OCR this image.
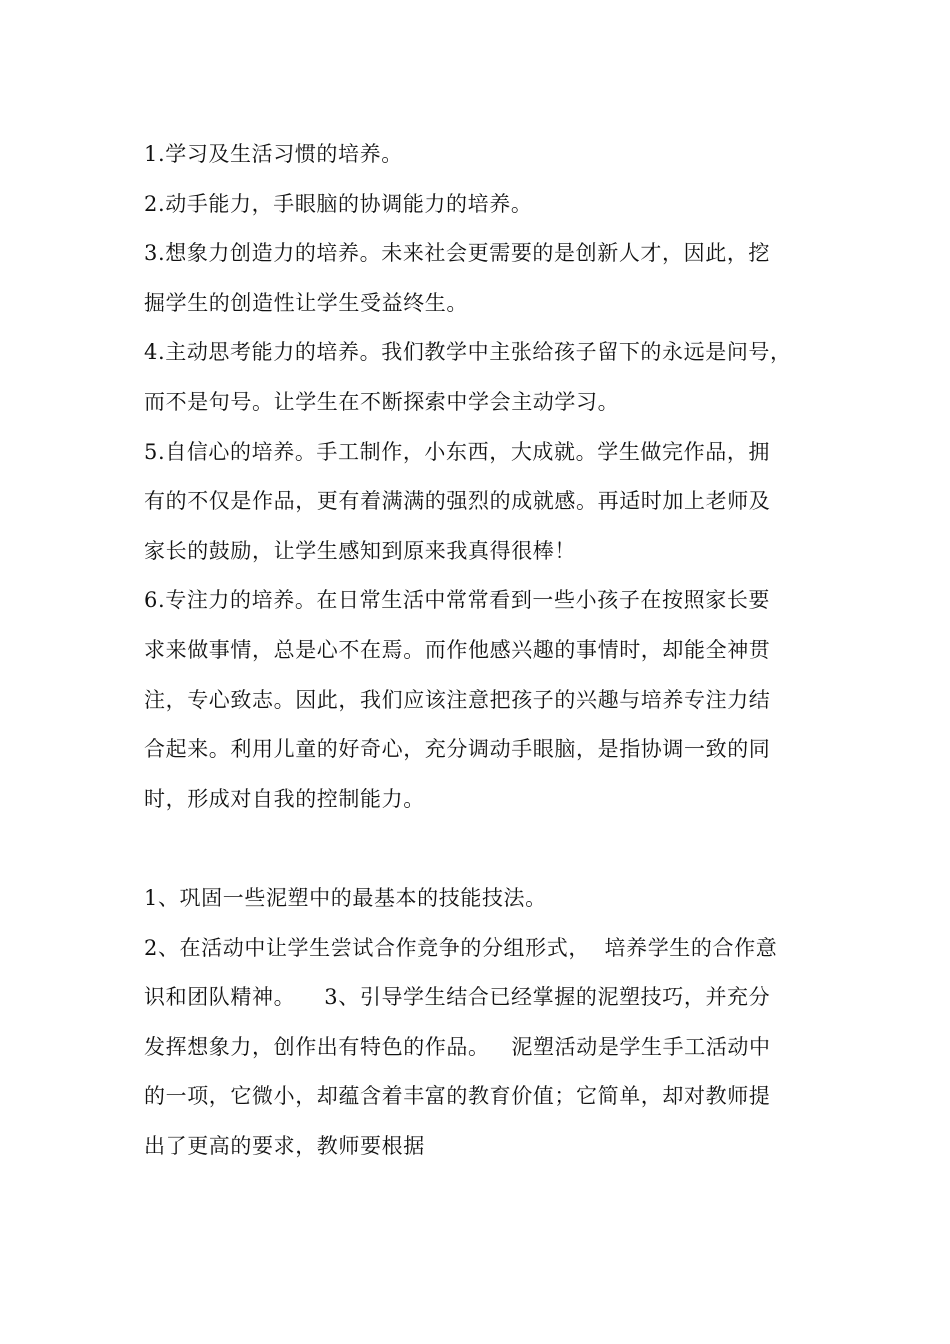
1.学习及生活习惯的培养。
2.动手能力，手眼脑的协调能力的培养。
3.想象力创造力的培养。未来社会更需要的是创新人才，因此，挖
掘学生的创造性让学生受益终生。
4.主动思考能力的培养。我们教学中主张给孩子留下的永远是问号，
而不是句号。让学生在不断探索中学会主动学习。
5.自信心的培养。手工制作，小东西，大成就。学生做完作品，拥
有的不仅是作品，更有着满满的强烈的成就感。再适时加上老师及
家长的鼓励，让学生感知到原来我真得很棒！
6.专注力的培养。在日常生活中常常看到一些小孩子在按照家长要
求来做事情，总是心不在焉。而作他感兴趣的事情时，却能全神贯
注，专心致志。因此，我们应该注意把孩子的兴趣与培养专注力结
合起来。利用儿童的好奇心，充分调动手眼脑，是指协调一致的同
时，形成对自我的控制能力。
1、巩固一些泥塑中的最基本的技能技法。
2、在活动中让学生尝试合作竞争的分组形式，  培养学生的合作意
识和团队精神。    3、引导学生结合已经掌握的泥塑技巧，并充分
发挥想象力，创作出有特色的作品。   泥塑活动是学生手工活动中
的一项，它微小，却蕴含着丰富的教育价值；它简单，却对教师提
出了更高的要求，教师要根据
